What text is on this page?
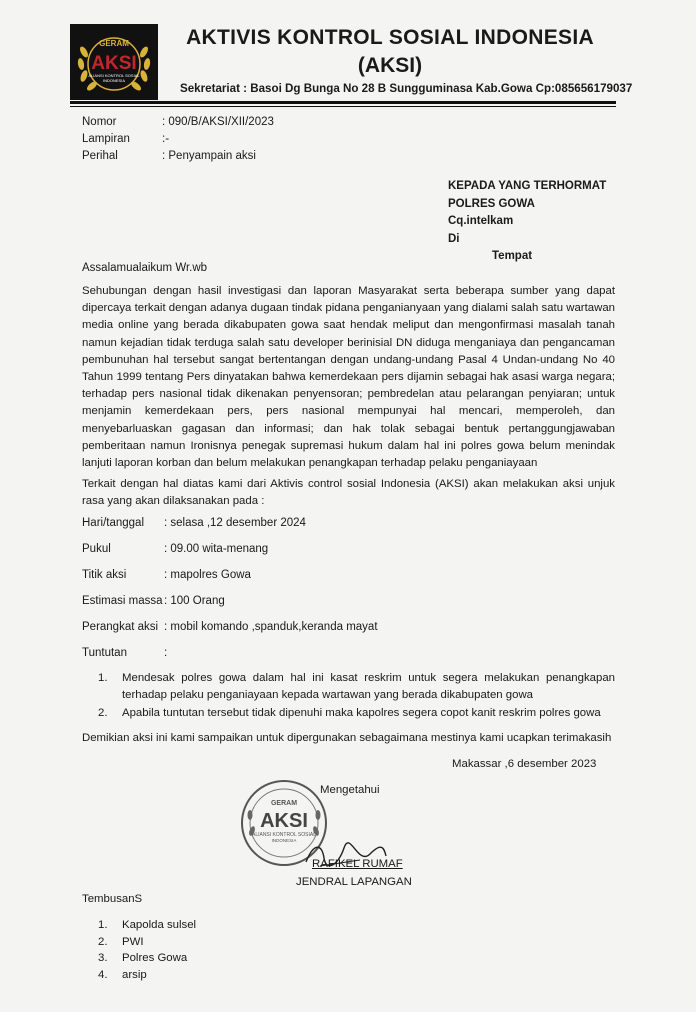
GERAM
AKSI
ALIANSI KONTROL SOSIAL
INDONESIA
AKTIVIS KONTROL SOSIAL INDONESIA
(AKSI)
Sekretariat : Basoi Dg Bunga No 28 B Sungguminasa Kab.Gowa Cp:085656179037
Nomor	: 090/B/AKSI/XII/2023
Lampiran	:-
Perihal	: Penyampain aksi
KEPADA YANG TERHORMAT
POLRES GOWA
Cq.intelkam
Di
Tempat
Assalamualaikum Wr.wb
Sehubungan dengan hasil investigasi dan laporan Masyarakat serta beberapa sumber yang dapat dipercaya terkait dengan adanya dugaan tindak pidana penganianyaan yang dialami salah satu wartawan media online yang berada dikabupaten gowa saat hendak meliput dan mengonfirmasi masalah tanah namun kejadian tidak terduga salah satu developer berinisial DN diduga menganiaya dan pengancaman pembunuhan hal tersebut sangat bertentangan dengan undang-undang Pasal 4 Undan-undang No 40 Tahun 1999 tentang Pers dinyatakan bahwa kemerdekaan pers dijamin sebagai hak asasi warga negara; terhadap pers nasional tidak dikenakan penyensoran; pembredelan atau pelarangan penyiaran; untuk menjamin kemerdekaan pers, pers nasional mempunyai hal mencari, memperoleh, dan menyebarluaskan gagasan dan informasi; dan hak tolak sebagai bentuk pertanggungjawaban pemberitaan namun Ironisnya penegak supremasi hukum dalam hal ini polres gowa belum menindak lanjuti laporan korban dan belum melakukan penangkapan terhadap pelaku penganiayaan
Terkait dengan hal diatas kami dari Aktivis control sosial Indonesia (AKSI) akan melakukan aksi unjuk rasa yang akan dilaksanakan pada :
Hari/tanggal : selasa ,12 desember 2024
Pukul	: 09.00 wita-menang
Titik aksi	: mapolres Gowa
Estimasi massa: 100 Orang
Perangkat aksi : mobil komando ,spanduk,keranda mayat
Tuntutan	:
1.	Mendesak polres gowa dalam hal ini kasat reskrim untuk segera melakukan penangkapan terhadap pelaku penganiayaan kepada wartawan yang berada dikabupaten gowa
2.	Apabila tuntutan tersebut tidak dipenuhi maka kapolres segera copot kanit reskrim polres gowa
Demikian aksi ini kami sampaikan untuk dipergunakan sebagaimana mestinya kami ucapkan terimakasih
Makassar ,6 desember 2023
GERAM
AKSI
ALIANSI KONTROL SOSIAL
INDONESIA
Mengetahui
RAFIKEL RUMAF
JENDRAL LAPANGAN
TembusanS
1.	Kapolda sulsel
2.	PWI
3.	Polres Gowa
4.	arsip
